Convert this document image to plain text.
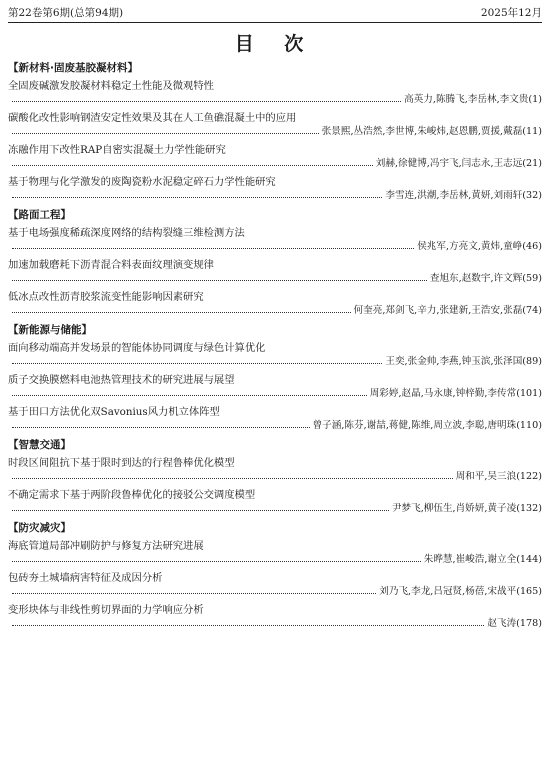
第22卷第6期(总第94期)	2025年12月
目 次
【新材料·固废基胶凝材料】
全固废碱激发胶凝材料稳定土性能及微观特性
高英力,陈腾飞,李岳林,李文贵(1)
碳酸化改性影响钢渣安定性效果及其在人工鱼礁混凝土中的应用
张景熙,丛浩然,李世博,朱峻炜,赵恩鹏,贾援,戴磊(11)
冻融作用下改性RAP自密实混凝土力学性能研究
刘赫,徐健博,冯宇飞,闫志永,王志远(21)
基于物理与化学激发的废陶瓷粉水泥稳定碎石力学性能研究
李雪连,洪潮,李岳林,黄妍,刘雨轩(32)
【路面工程】
基于电场强度稀疏深度网络的结构裂缝三维检测方法
侯兆军,方亮文,黄炜,童峥(46)
加速加载磨耗下沥青混合料表面纹理演变规律
查旭东,赵数宇,许文辉(59)
低冰点改性沥青胶浆流变性能影响因素研究
何奎亮,郑剑飞,辛力,张建新,王浩安,张磊(74)
【新能源与储能】
面向移动端高并发场景的智能体协同调度与绿色计算优化
王奕,张金帅,李燕,钟玉滨,张泽国(89)
质子交换膜燃料电池热管理技术的研究进展与展望
周彩婷,赵晶,马永康,钟梓勤,李传常(101)
基于田口方法优化双Savonius风力机立体阵型
曾子涵,陈芬,谢喆,蒋健,陈维,周立波,李聪,唐明珠(110)
【智慧交通】
时段区间阻抗下基于限时到达的行程鲁棒优化模型
周和平,吴三浪(122)
不确定需求下基于两阶段鲁棒优化的接驳公交调度模型
尹梦飞,柳伍生,肖娇妍,黄子凌(132)
【防灾减灾】
海底管道局部冲刷防护与修复方法研究进展
朱晔慧,崔峻浩,谢立全(144)
包砖夯土城墙病害特征及成因分析
刘乃飞,李龙,吕冠贤,杨蓓,宋战平(165)
变形块体与非线性剪切界面的力学响应分析
赵飞涛(178)
